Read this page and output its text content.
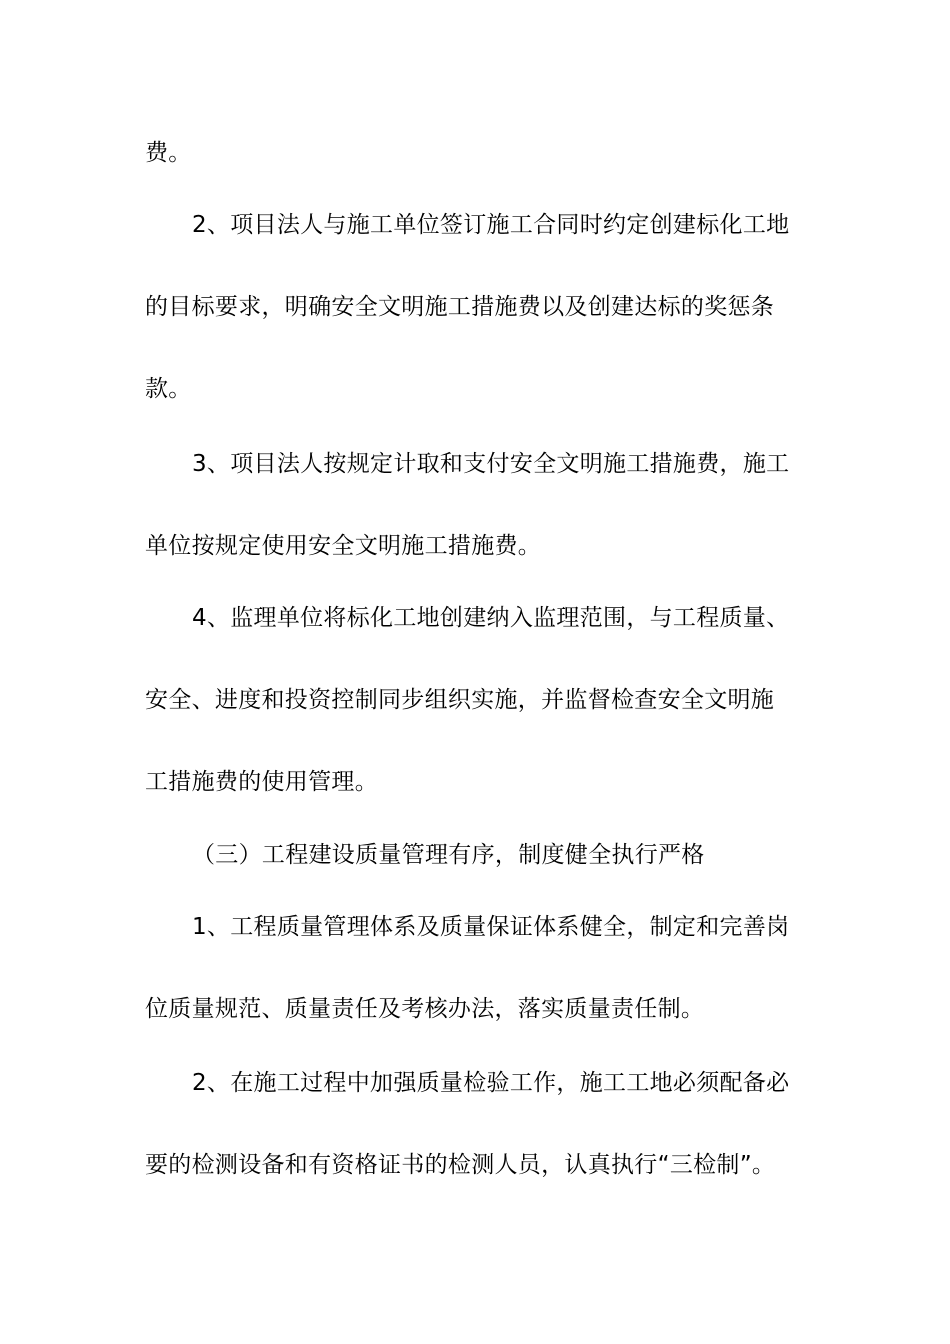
费。
2、项目法人与施工单位签订施工合同时约定创建标化工地
的目标要求，明确安全文明施工措施费以及创建达标的奖惩条
款。
3、项目法人按规定计取和支付安全文明施工措施费，施工
单位按规定使用安全文明施工措施费。
4、监理单位将标化工地创建纳入监理范围，与工程质量、
安全、进度和投资控制同步组织实施，并监督检查安全文明施
工措施费的使用管理。
（三）工程建设质量管理有序，制度健全执行严格
1、工程质量管理体系及质量保证体系健全，制定和完善岗
位质量规范、质量责任及考核办法，落实质量责任制。
2、在施工过程中加强质量检验工作，施工工地必须配备必
要的检测设备和有资格证书的检测人员，认真执行“三检制”。
